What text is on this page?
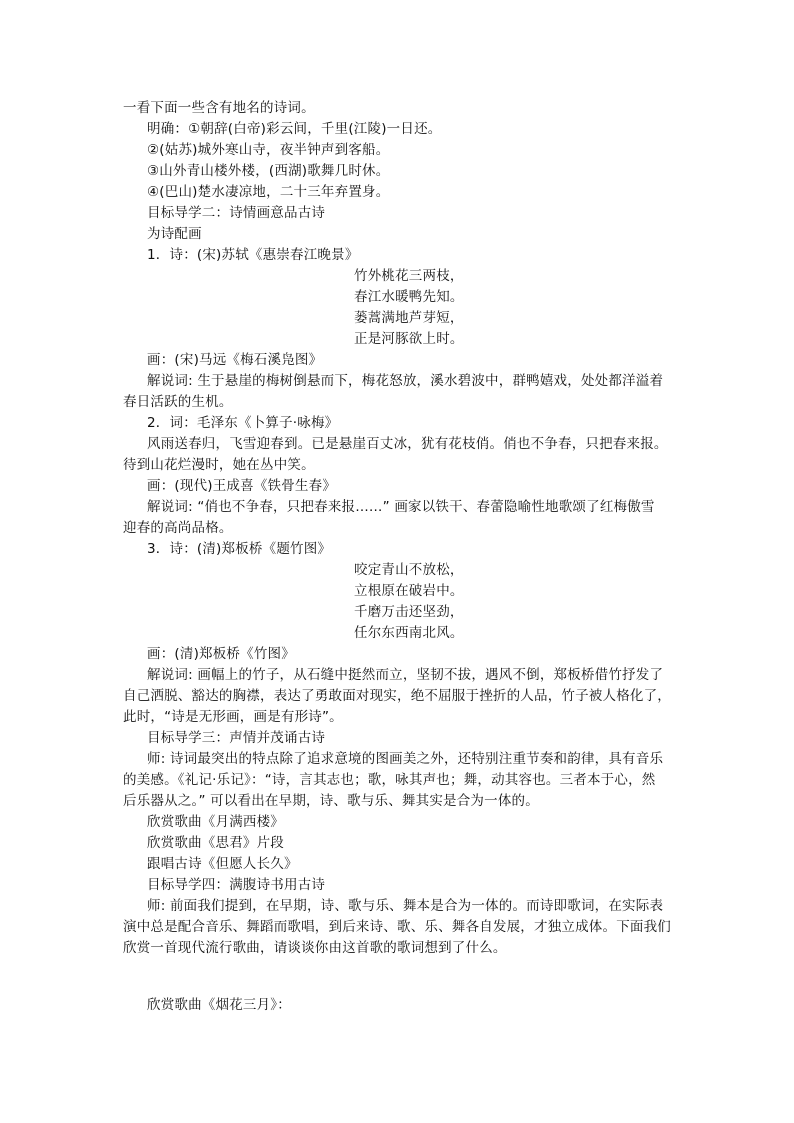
一看下面一些含有地名的诗词。
明确：①朝辞(白帝)彩云间，千里(江陵)一日还。
②(姑苏)城外寒山寺，夜半钟声到客船。
③山外青山楼外楼，(西湖)歌舞几时休。
④(巴山)楚水凄凉地，二十三年弃置身。
目标导学二：诗情画意品古诗
为诗配画
1．诗：(宋)苏轼《惠崇春江晚景》
竹外桃花三两枝，
春江水暖鸭先知。
蒌蒿满地芦芽短，
正是河豚欲上时。
画：(宋)马远《梅石溪凫图》
解说词: 生于悬崖的梅树倒悬而下，梅花怒放，溪水碧波中，群鸭嬉戏，处处都洋溢着
春日活跃的生机。
2．词：毛泽东《卜算子·咏梅》
风雨送春归，飞雪迎春到。已是悬崖百丈冰，犹有花枝俏。俏也不争春，只把春来报。
待到山花烂漫时，她在丛中笑。
画：(现代)王成喜《铁骨生春》
解说词: “俏也不争春，只把春来报……” 画家以铁干、春蕾隐喻性地歌颂了红梅傲雪
迎春的高尚品格。
3．诗：(清)郑板桥《题竹图》
咬定青山不放松，
立根原在破岩中。
千磨万击还坚劲，
任尔东西南北风。
画：(清)郑板桥《竹图》
解说词: 画幅上的竹子，从石缝中挺然而立，坚韧不拔，遇风不倒，郑板桥借竹抒发了
自己洒脱、豁达的胸襟，表达了勇敢面对现实，绝不屈服于挫折的人品，竹子被人格化了，
此时，“诗是无形画，画是有形诗”。
目标导学三：声情并茂诵古诗
师: 诗词最突出的特点除了追求意境的图画美之外，还特别注重节奏和韵律，具有音乐
的美感。《礼记·乐记》：“诗，言其志也；歌，咏其声也；舞，动其容也。三者本于心，然
后乐器从之。” 可以看出在早期，诗、歌与乐、舞其实是合为一体的。
欣赏歌曲《月满西楼》
欣赏歌曲《思君》片段
跟唱古诗《但愿人长久》
目标导学四：满腹诗书用古诗
师: 前面我们提到，在早期，诗、歌与乐、舞本是合为一体的。而诗即歌词，在实际表
演中总是配合音乐、舞蹈而歌唱，到后来诗、歌、乐、舞各自发展，才独立成体。下面我们
欣赏一首现代流行歌曲，请谈谈你由这首歌的歌词想到了什么。
欣赏歌曲《烟花三月》：
